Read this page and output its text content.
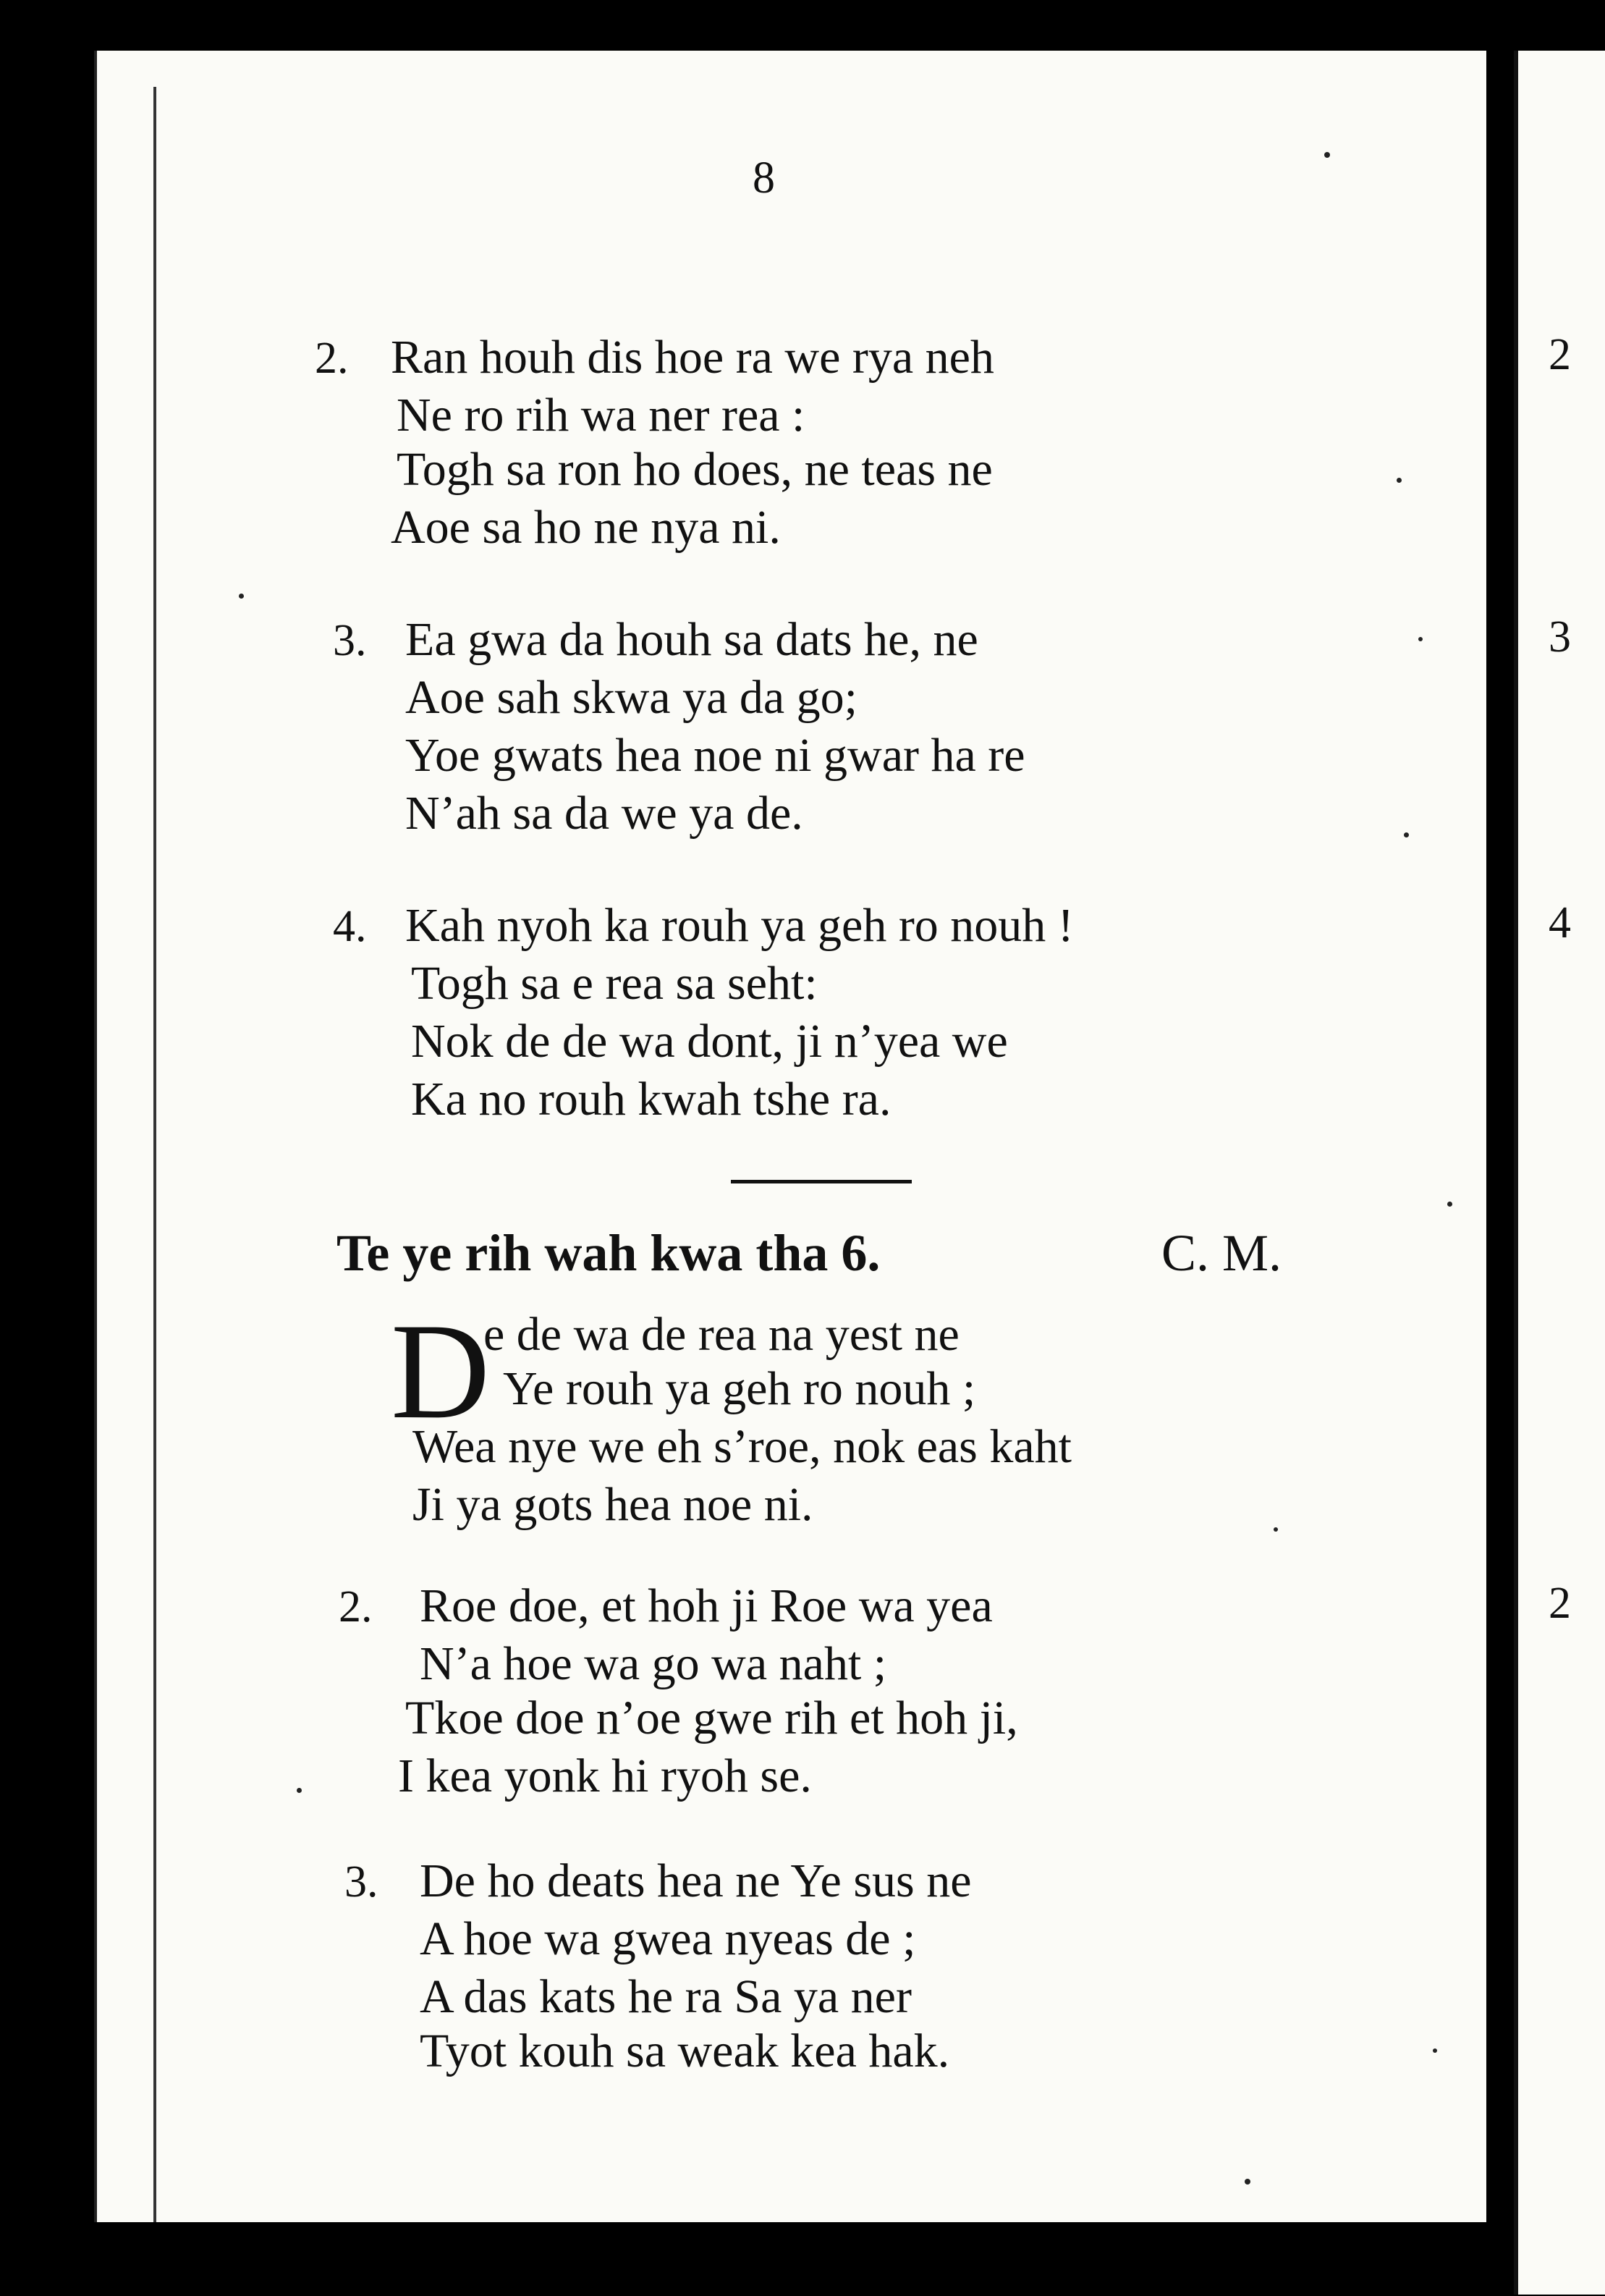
8
2. Ran houh dis hoe ra we rya neh
Ne ro rih wa ner rea :
Togh sa ron ho does, ne teas ne
Aoe sa ho ne nya ni.
3. Ea gwa da houh sa dats he, ne
Aoe sah skwa ya da go;
Yoe gwats hea noe ni gwar ha re
N’ah sa da we ya de.
4. Kah nyoh ka rouh ya geh ro nouh !
Togh sa e rea sa seht:
Nok de de wa dont, ji n’yea we
Ka no rouh kwah tshe ra.
Te ye rih wah kwa tha 6.	C. M.
D
e de wa de rea na yest ne
Ye rouh ya geh ro nouh ;
Wea nye we eh s’roe, nok eas kaht
Ji ya gots hea noe ni.
2. Roe doe, et hoh ji Roe wa yea
N’a hoe wa go wa naht ;
Tkoe doe n’oe gwe rih et hoh ji,
I kea yonk hi ryoh se.
3. De ho deats hea ne Ye sus ne
A hoe wa gwea nyeas de ;
A das kats he ra Sa ya ner
Tyot kouh sa weak kea hak.
2
3
4
2
